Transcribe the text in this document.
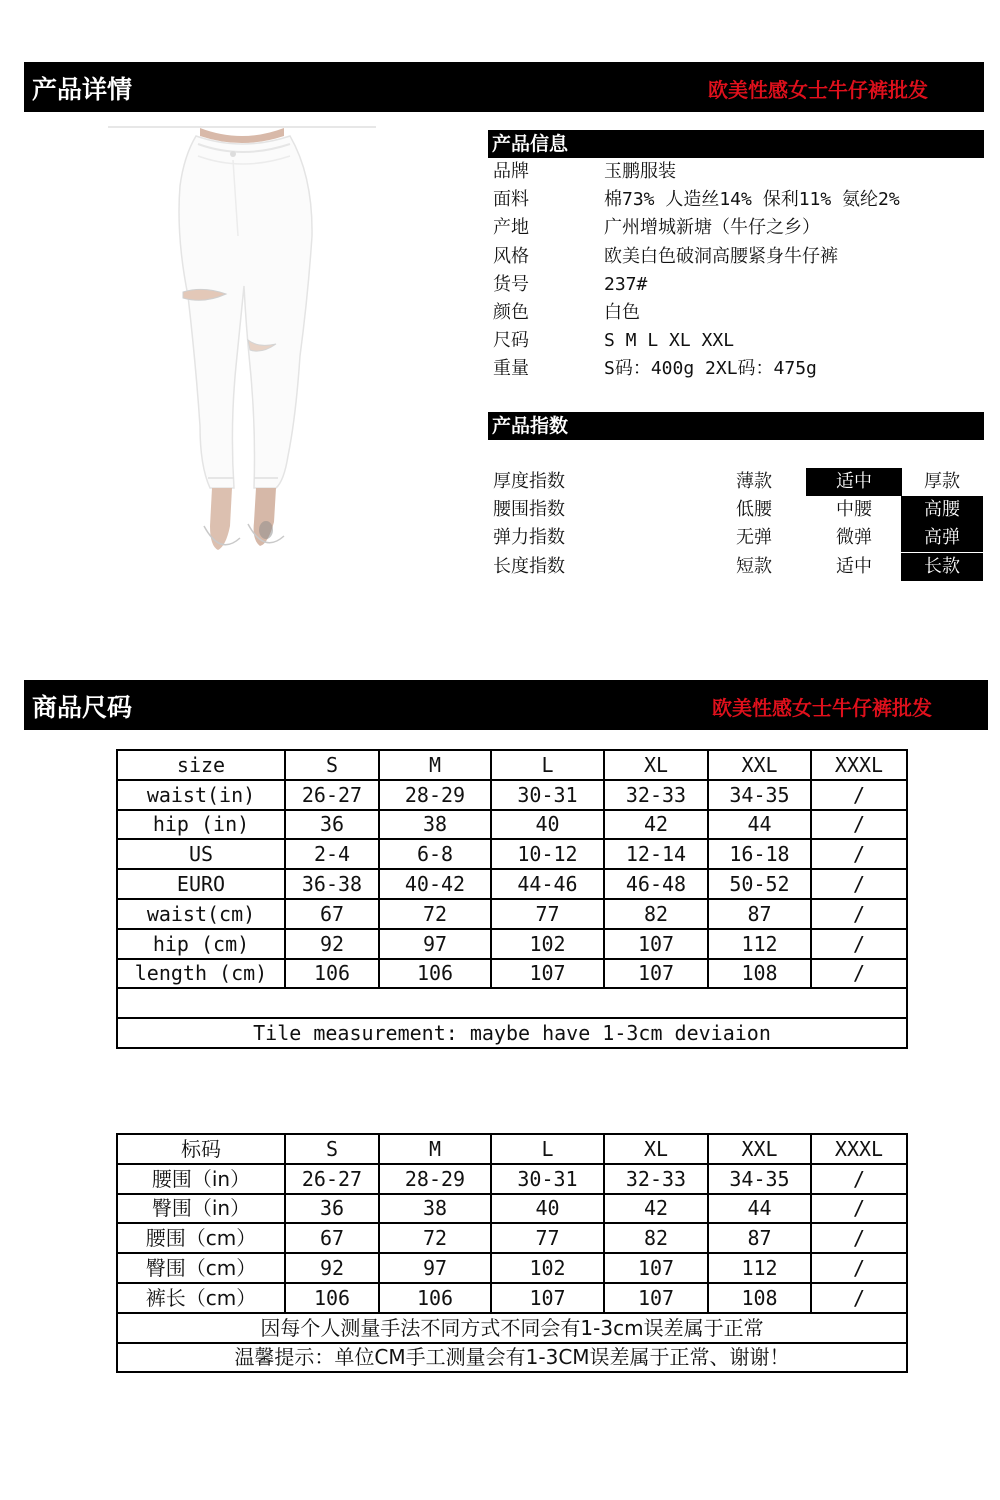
产品详情	欧美性感女士牛仔裤批发
产品信息
品牌	玉鹏服装
面料	棉73% 人造丝14% 保利11% 氨纶2%
产地	广州增城新塘（牛仔之乡）
风格	欧美白色破洞高腰紧身牛仔裤
货号	237#
颜色	白色
尺码	S M L XL XXL
重量	S码：400g 2XL码：475g
产品指数
厚度指数	薄款	适中	厚款
腰围指数	低腰	中腰	高腰
弹力指数	无弹	微弹	高弹
长度指数	短款	适中	长款
商品尺码	欧美性感女士牛仔裤批发
size	S	M	L	XL	XXL	XXXL
waist(in)	26-27	28-29	30-31	32-33	34-35	/
hip (in)	36	38	40	42	44	/
US	2-4	6-8	10-12	12-14	16-18	/
EURO	36-38	40-42	44-46	46-48	50-52	/
waist(cm)	67	72	77	82	87	/
hip (cm)	92	97	102	107	112	/
length (cm)	106	106	107	107	108	/

Tile measurement: maybe have 1-3cm deviaion						
标码	S	M	L	XL	XXL	XXXL
腰围（in）	26-27	28-29	30-31	32-33	34-35	/
臀围（in）	36	38	40	42	44	/
腰围（cm）	67	72	77	82	87	/
臀围（cm）	92	97	102	107	112	/
裤长（cm）	106	106	107	107	108	/
因每个人测量手法不同方式不同会有1-3cm误差属于正常						
温馨提示：单位CM手工测量会有1-3CM误差属于正常、谢谢！						
